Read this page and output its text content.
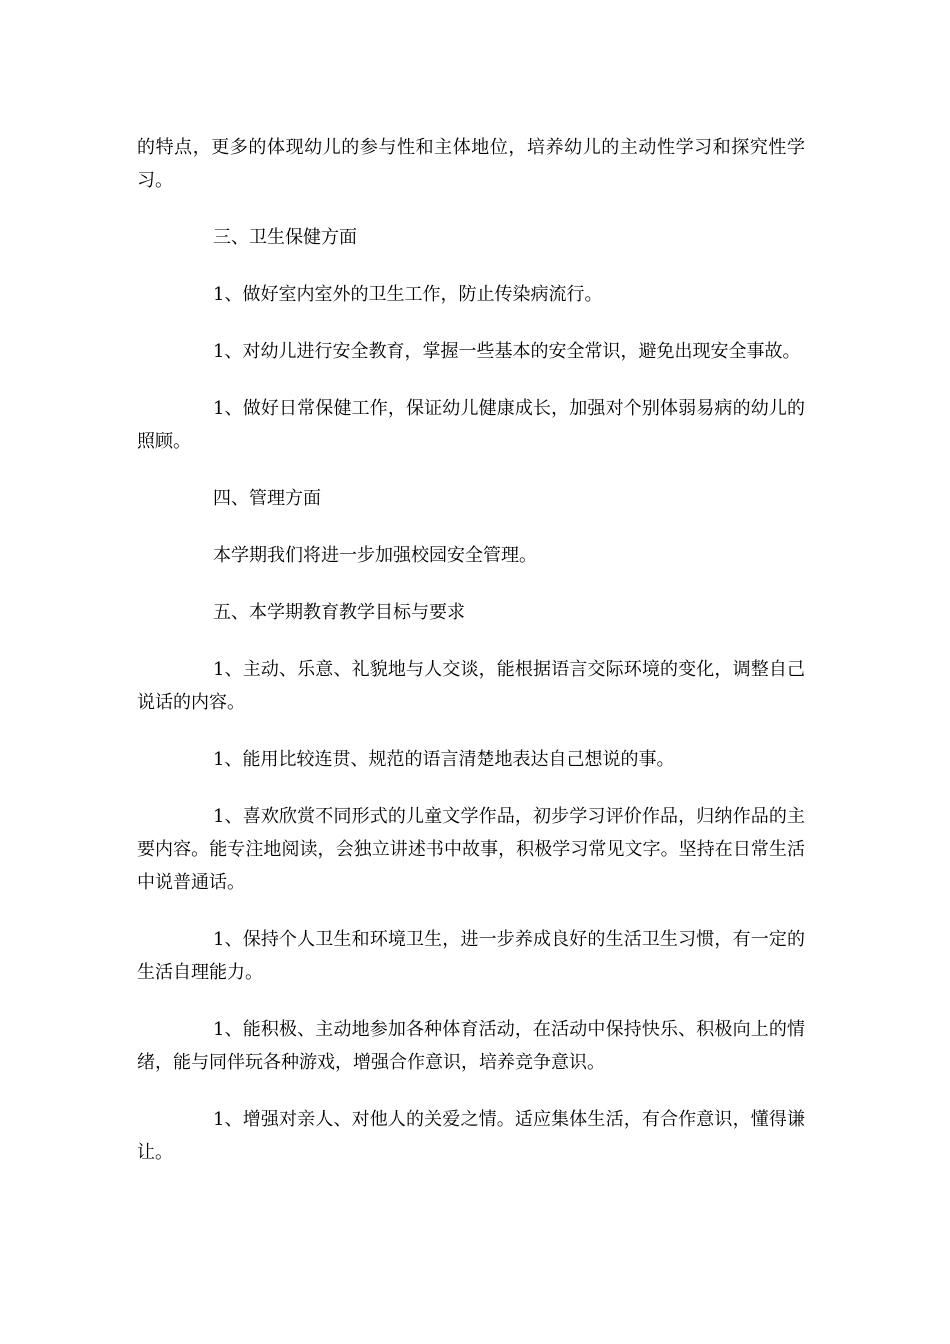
的特点，更多的体现幼儿的参与性和主体地位，培养幼儿的主动性学习和探究性学习。

三、卫生保健方面

1、做好室内室外的卫生工作，防止传染病流行。

1、对幼儿进行安全教育，掌握一些基本的安全常识，避免出现安全事故。

1、做好日常保健工作，保证幼儿健康成长，加强对个别体弱易病的幼儿的照顾。

四、管理方面

本学期我们将进一步加强校园安全管理。

五、本学期教育教学目标与要求

1、主动、乐意、礼貌地与人交谈，能根据语言交际环境的变化，调整自己说话的内容。

1、能用比较连贯、规范的语言清楚地表达自己想说的事。

1、喜欢欣赏不同形式的儿童文学作品，初步学习评价作品，归纳作品的主要内容。能专注地阅读，会独立讲述书中故事，积极学习常见文字。坚持在日常生活中说普通话。

1、保持个人卫生和环境卫生，进一步养成良好的生活卫生习惯，有一定的生活自理能力。

1、能积极、主动地参加各种体育活动，在活动中保持快乐、积极向上的情绪，能与同伴玩各种游戏，增强合作意识，培养竞争意识。

1、增强对亲人、对他人的关爱之情。适应集体生活，有合作意识，懂得谦让。
